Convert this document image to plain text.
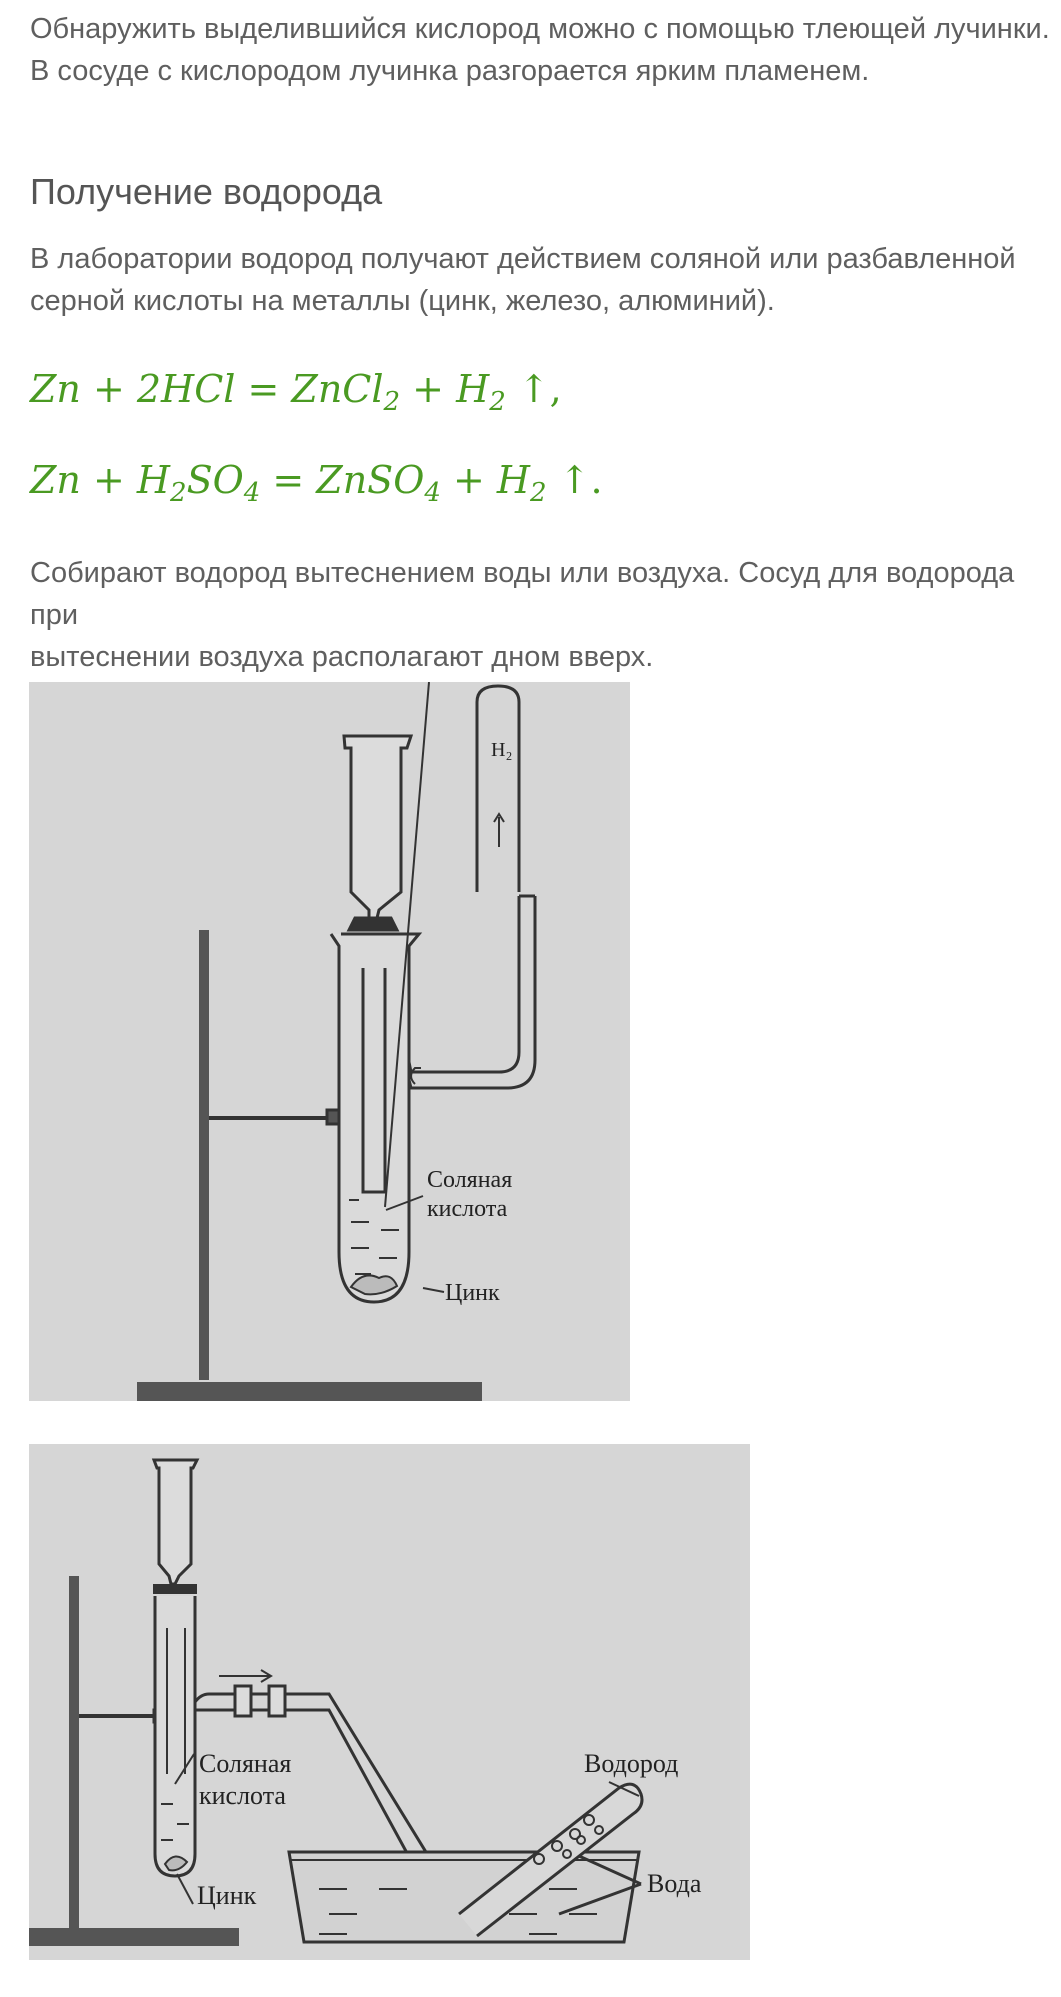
Обнаружить выделившийся кислород можно с помощью тлеющей лучинки.
В сосуде с кислородом лучинка разгорается ярким пламенем.
Получение водорода
В лаборатории водород получают действием соляной или разбавленной
серной кислоты на металлы (цинк, железо, алюминий).
Zn + 2HCl = ZnCl$_2$ + $H_2$ ↑,
$Zn + H_2SO_4$ = ZnSO$_4$ + $H_2$ ↑.
Собирают водород вытеснением воды или воздуха. Сосуд для водорода при
вытеснении воздуха располагают дном вверх.
H₂
Соляная
кислота
Цинк
Водород
Соляная
кислота
Цинк	Вода
